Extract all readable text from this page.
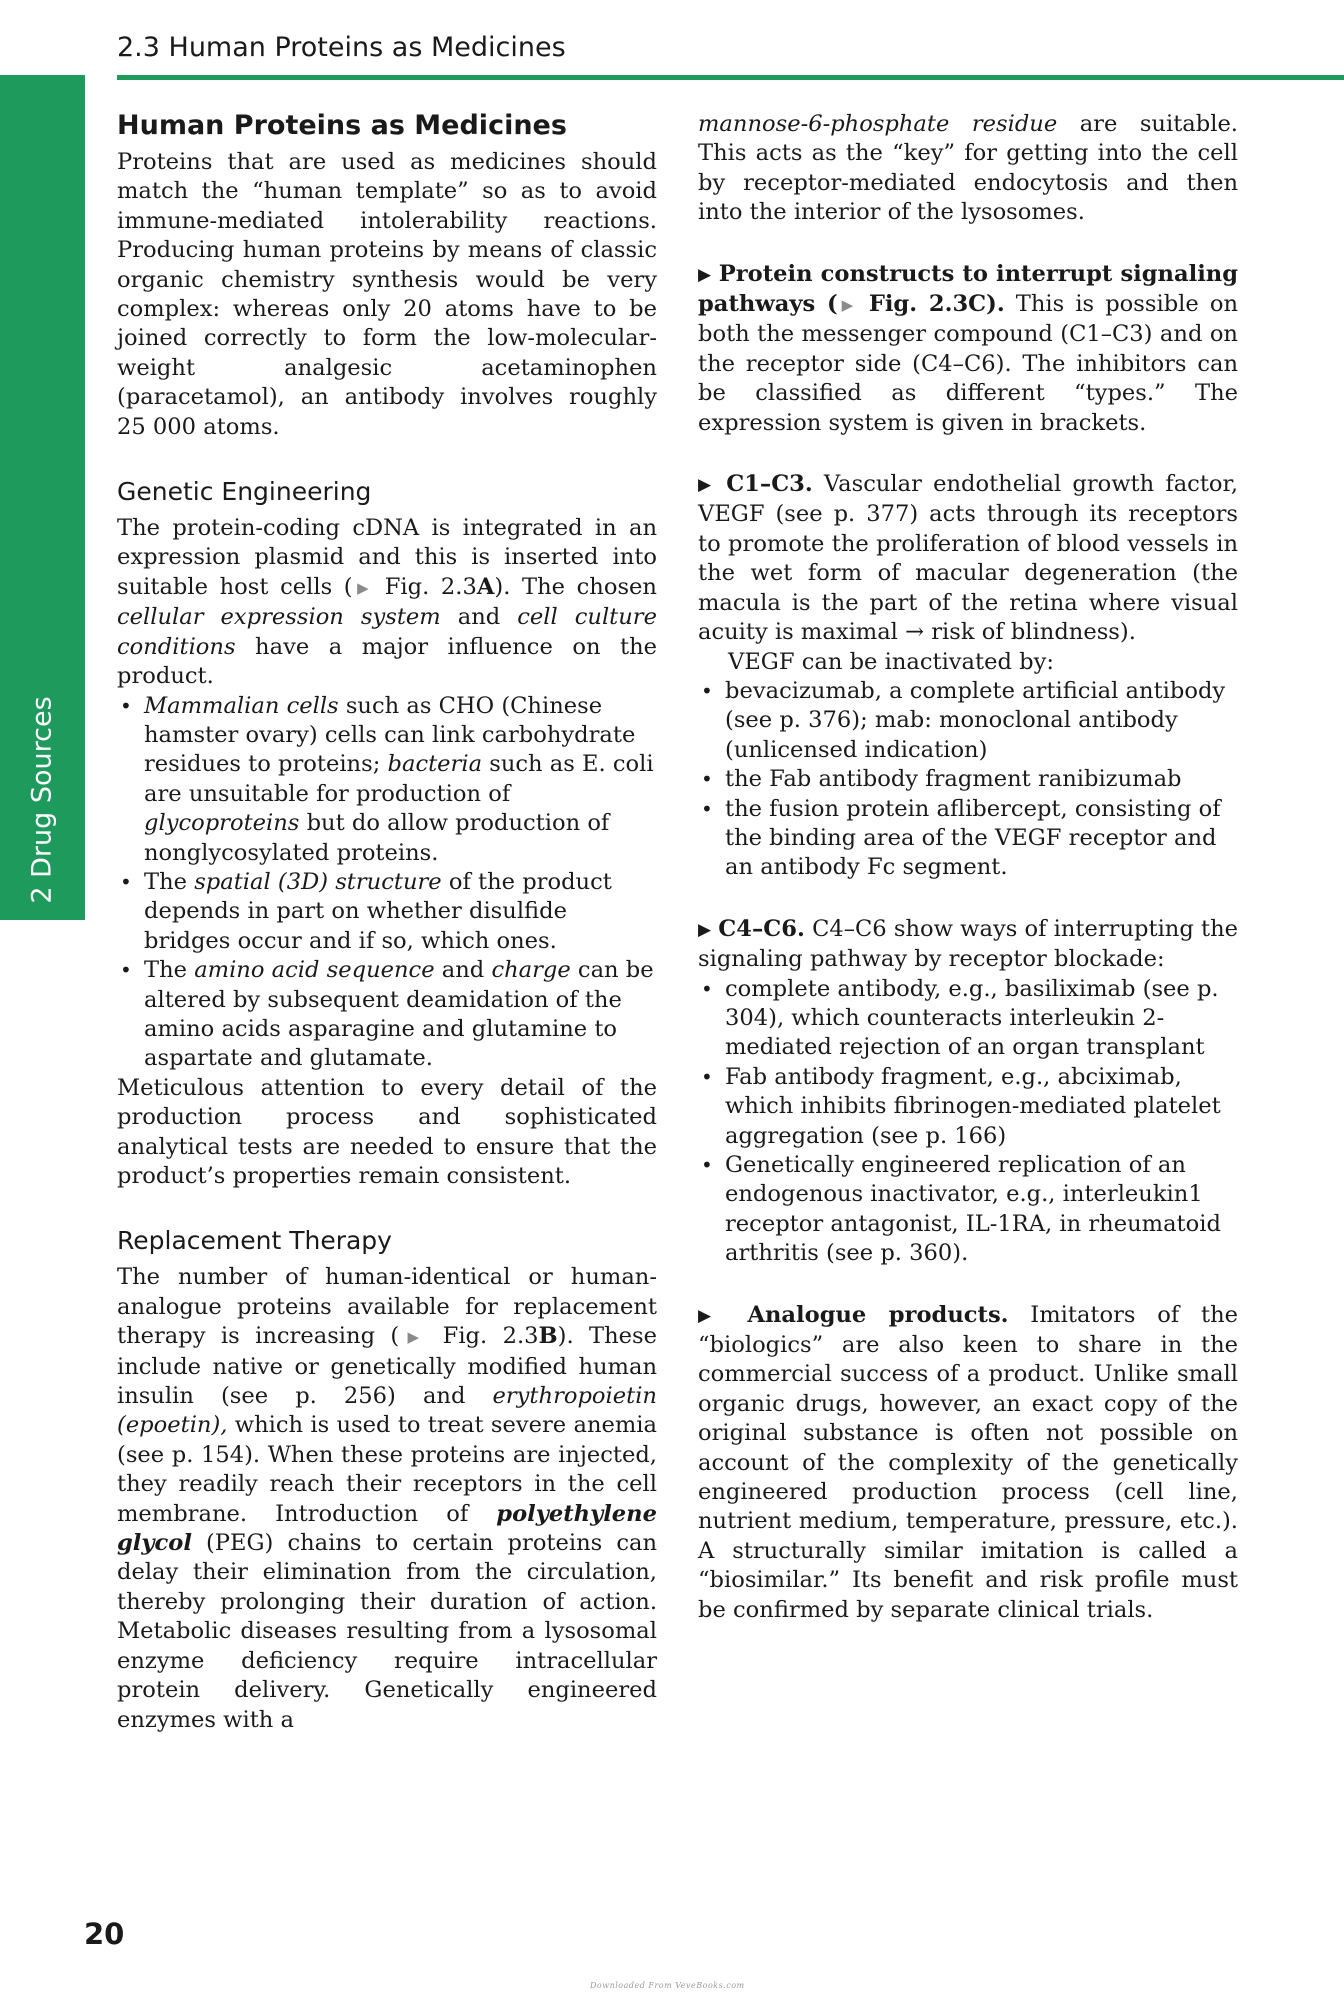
2.3 Human Proteins as Medicines
2 Drug Sources
Human Proteins as Medicines

Proteins that are used as medicines should match the “human template” so as to avoid immune-mediated intolerability reactions. Producing human proteins by means of classic organic chemistry synthesis would be very complex: whereas only 20 atoms have to be joined correctly to form the low-molecular-weight analgesic acetaminophen (paracetamol), an antibody involves roughly 25 000 atoms.

Genetic Engineering

The protein-coding cDNA is integrated in an expression plasmid and this is inserted into suitable host cells (▶ Fig. 2.3A). The chosen cellular expression system and cell culture conditions have a major influence on the product.

• Mammalian cells such as CHO (Chinese hamster ovary) cells can link carbohydrate residues to proteins; bacteria such as E. coli are unsuitable for production of glycoproteins but do allow production of nonglycosylated proteins.
• The spatial (3D) structure of the product depends in part on whether disulfide bridges occur and if so, which ones.
• The amino acid sequence and charge can be altered by subsequent deamidation of the amino acids asparagine and glutamine to aspartate and glutamate.

Meticulous attention to every detail of the production process and sophisticated analytical tests are needed to ensure that the product’s properties remain consistent.

Replacement Therapy

The number of human-identical or human-analogue proteins available for replacement therapy is increasing (▶ Fig. 2.3B). These include native or genetically modified human insulin (see p. 256) and erythropoietin (epoetin), which is used to treat severe anemia (see p. 154). When these proteins are injected, they readily reach their receptors in the cell membrane. Introduction of polyethylene glycol (PEG) chains to certain proteins can delay their elimination from the circulation, thereby prolonging their duration of action. Metabolic diseases resulting from a lysosomal enzyme deficiency require intracellular protein delivery. Genetically engineered enzymes with a

mannose-6-phosphate residue are suitable. This acts as the “key” for getting into the cell by receptor-mediated endocytosis and then into the interior of the lysosomes.

▶ Protein constructs to interrupt signaling pathways (▶ Fig. 2.3C). This is possible on both the messenger compound (C1–C3) and on the receptor side (C4–C6). The inhibitors can be classified as different “types.” The expression system is given in brackets.

▶ C1–C3. Vascular endothelial growth factor, VEGF (see p. 377) acts through its receptors to promote the proliferation of blood vessels in the wet form of macular degeneration (the macula is the part of the retina where visual acuity is maximal → risk of blindness).

VEGF can be inactivated by:

• bevacizumab, a complete artificial antibody (see p. 376); mab: monoclonal antibody (unlicensed indication)
• the Fab antibody fragment ranibizumab
• the fusion protein aflibercept, consisting of the binding area of the VEGF receptor and an antibody Fc segment.

▶ C4–C6. C4–C6 show ways of interrupting the signaling pathway by receptor blockade:

• complete antibody, e.g., basiliximab (see p. 304), which counteracts interleukin 2-mediated rejection of an organ transplant
• Fab antibody fragment, e.g., abciximab, which inhibits fibrinogen-mediated platelet aggregation (see p. 166)
• Genetically engineered replication of an endogenous inactivator, e.g., interleukin1 receptor antagonist, IL-1RA, in rheumatoid arthritis (see p. 360).

▶ Analogue products. Imitators of the “biologics” are also keen to share in the commercial success of a product. Unlike small organic drugs, however, an exact copy of the original substance is often not possible on account of the complexity of the genetically engineered production process (cell line, nutrient medium, temperature, pressure, etc.). A structurally similar imitation is called a “biosimilar.” Its benefit and risk profile must be confirmed by separate clinical trials.

20
Downloaded From VeveBooks.com
